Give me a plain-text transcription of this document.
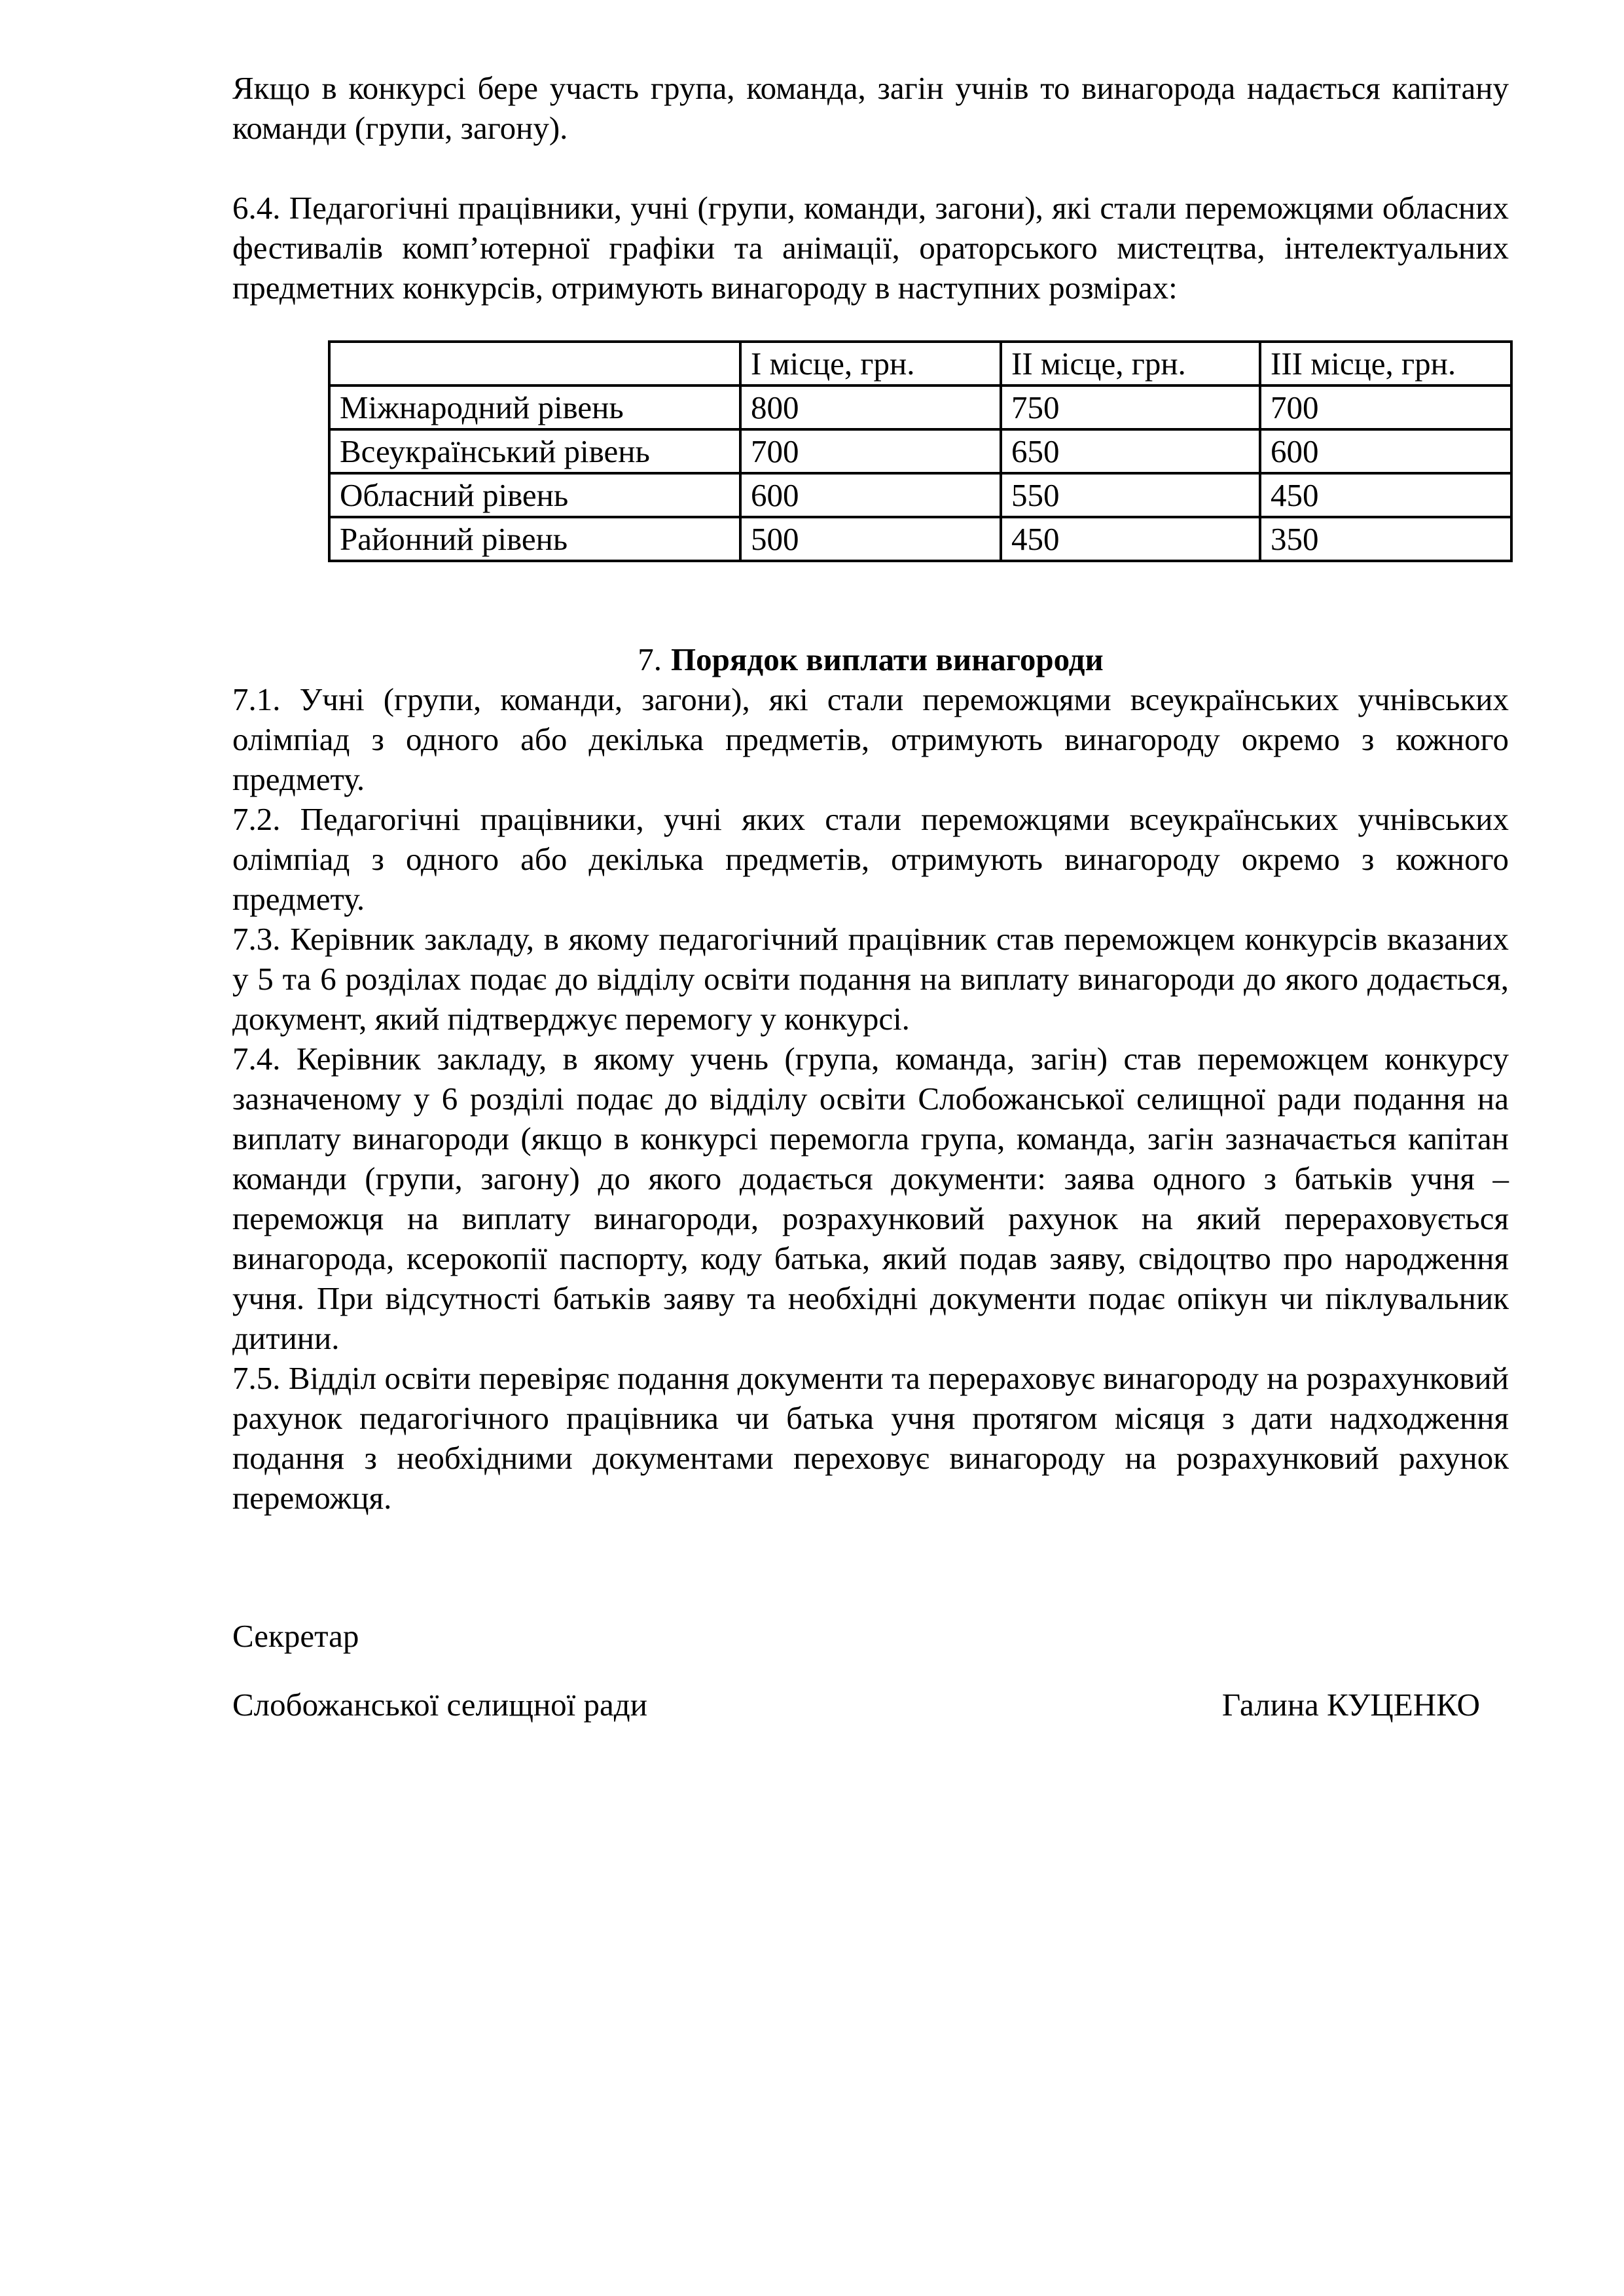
Якщо в конкурсі бере участь група, команда, загін учнів то винагорода надається капітану команди (групи, загону).

6.4. Педагогічні працівники, учні (групи, команди, загони), які стали переможцями обласних фестивалів комп’ютерної графіки та анімації, ораторського мистецтва, інтелектуальних предметних конкурсів, отримують винагороду в наступних розмірах:

	І місце, грн.	ІІ місце, грн.	ІІІ місце, грн.
Міжнародний рівень	800	750	700
Всеукраїнський рівень	700	650	600
Обласний рівень	600	550	450
Районний рівень	500	450	350
7. Порядок виплати винагороди

7.1. Учні (групи, команди, загони), які стали переможцями всеукраїнських учнівських олімпіад з одного або декілька предметів, отримують винагороду окремо з кожного предмету.

7.2. Педагогічні працівники, учні яких стали переможцями всеукраїнських учнівських олімпіад з одного або декілька предметів, отримують винагороду окремо з кожного предмету.

7.3. Керівник закладу, в якому педагогічний працівник став переможцем конкурсів вказаних у 5 та 6 розділах подає до відділу освіти подання на виплату винагороди до якого додається, документ, який підтверджує перемогу у конкурсі.

7.4. Керівник закладу, в якому учень (група, команда, загін) став переможцем конкурсу зазначеному у 6 розділі подає до відділу освіти Слобожанської селищної ради подання на виплату винагороди (якщо в конкурсі перемогла група, команда, загін зазначається капітан команди (групи, загону) до якого додається документи: заява одного з батьків учня – переможця на виплату винагороди, розрахунковий рахунок на який перераховується винагорода, ксерокопії паспорту, коду батька, який подав заяву, свідоцтво про народження учня. При відсутності батьків заяву та необхідні документи подає опікун чи піклувальник дитини.

7.5. Відділ освіти перевіряє подання документи та перераховує винагороду на розрахунковий рахунок педагогічного працівника чи батька учня протягом місяця з дати надходження подання з необхідними документами переховує винагороду на розрахунковий рахунок переможця.

Секретар
Слобожанської селищної ради	Галина КУЦЕНКО
